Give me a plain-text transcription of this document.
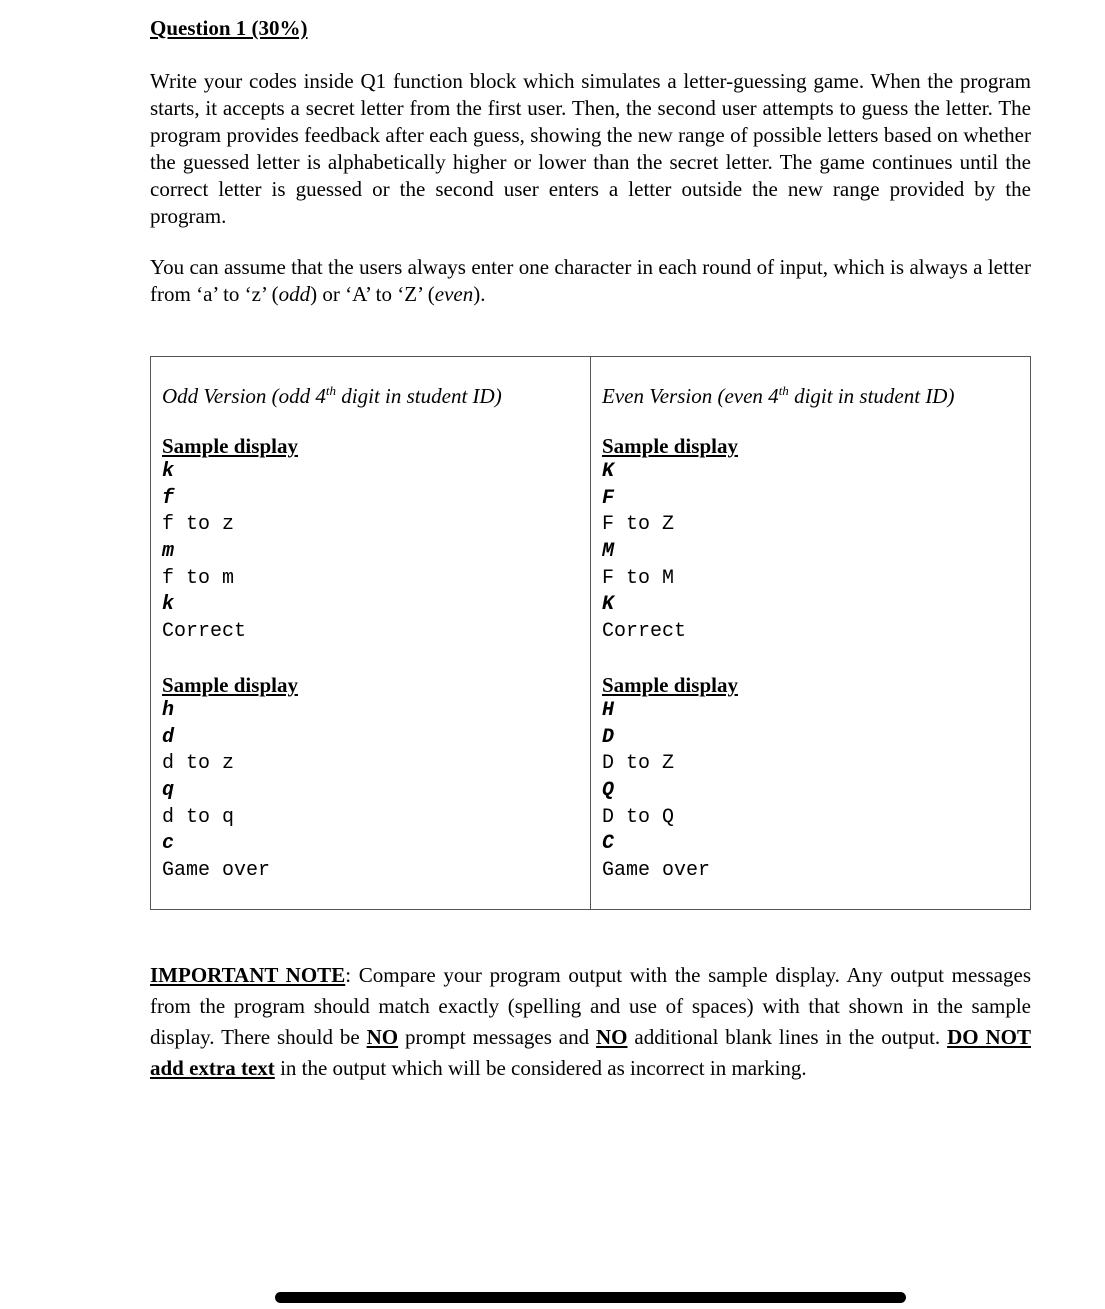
Question 1 (30%)

Write your codes inside Q1 function block which simulates a letter-guessing game. When the program starts, it accepts a secret letter from the first user. Then, the second user attempts to guess the letter. The program provides feedback after each guess, showing the new range of possible letters based on whether the guessed letter is alphabetically higher or lower than the secret letter. The game continues until the correct letter is guessed or the second user enters a letter outside the new range provided by the program.

You can assume that the users always enter one character in each round of input, which is always a letter from ‘a’ to ‘z’ (odd) or ‘A’ to ‘Z’ (even).

Odd Version (odd 4th digit in student ID)
Sample display
k
f
f to z
m
f to m
k
Correct
Sample display
h
d
d to z
q
d to q
c
Game over
Even Version (even 4th digit in student ID)
Sample display
K
F
F to Z
M
F to M
K
Correct
Sample display
H
D
D to Z
Q
D to Q
C
Game over

IMPORTANT NOTE: Compare your program output with the sample display. Any output messages from the program should match exactly (spelling and use of spaces) with that shown in the sample display. There should be NO prompt messages and NO additional blank lines in the output. DO NOT add extra text in the output which will be considered as incorrect in marking.
